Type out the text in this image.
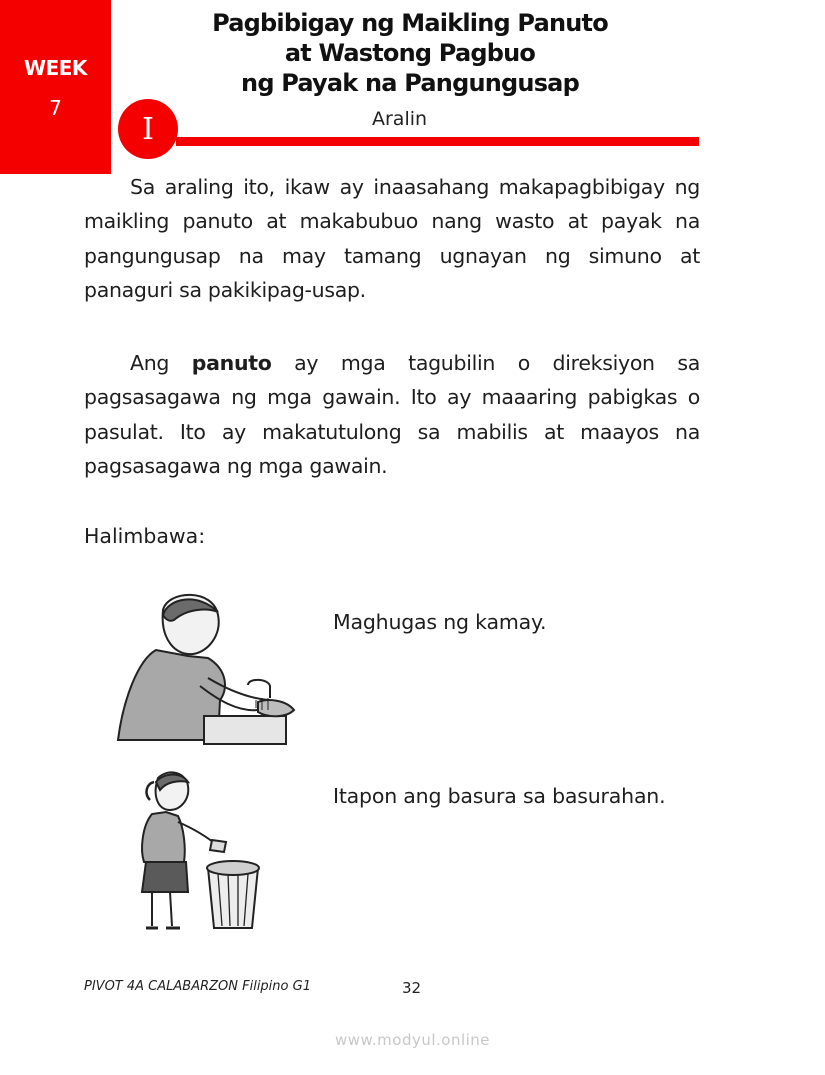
WEEK
7
Pagbibigay ng Maikling Panuto
at Wastong Pagbuo
ng Payak na Pangungusap
I	Aralin
Sa araling ito, ikaw ay inaasahang makapagbibigay ng maikling panuto at makabubuo nang wasto at payak na pangungusap na may tamang ugnayan ng simuno at panaguri sa pakikipag-usap.
Ang panuto ay mga tagubilin o direksiyon sa pagsasagawa ng mga gawain. Ito ay maaaring pabigkas o pasulat. Ito ay makatutulong sa mabilis at maayos na pagsasagawa ng mga gawain.
Halimbawa:
Maghugas ng kamay.
Itapon ang basura sa basurahan.
PIVOT 4A CALABARZON Filipino G1	32
www.modyul.online
